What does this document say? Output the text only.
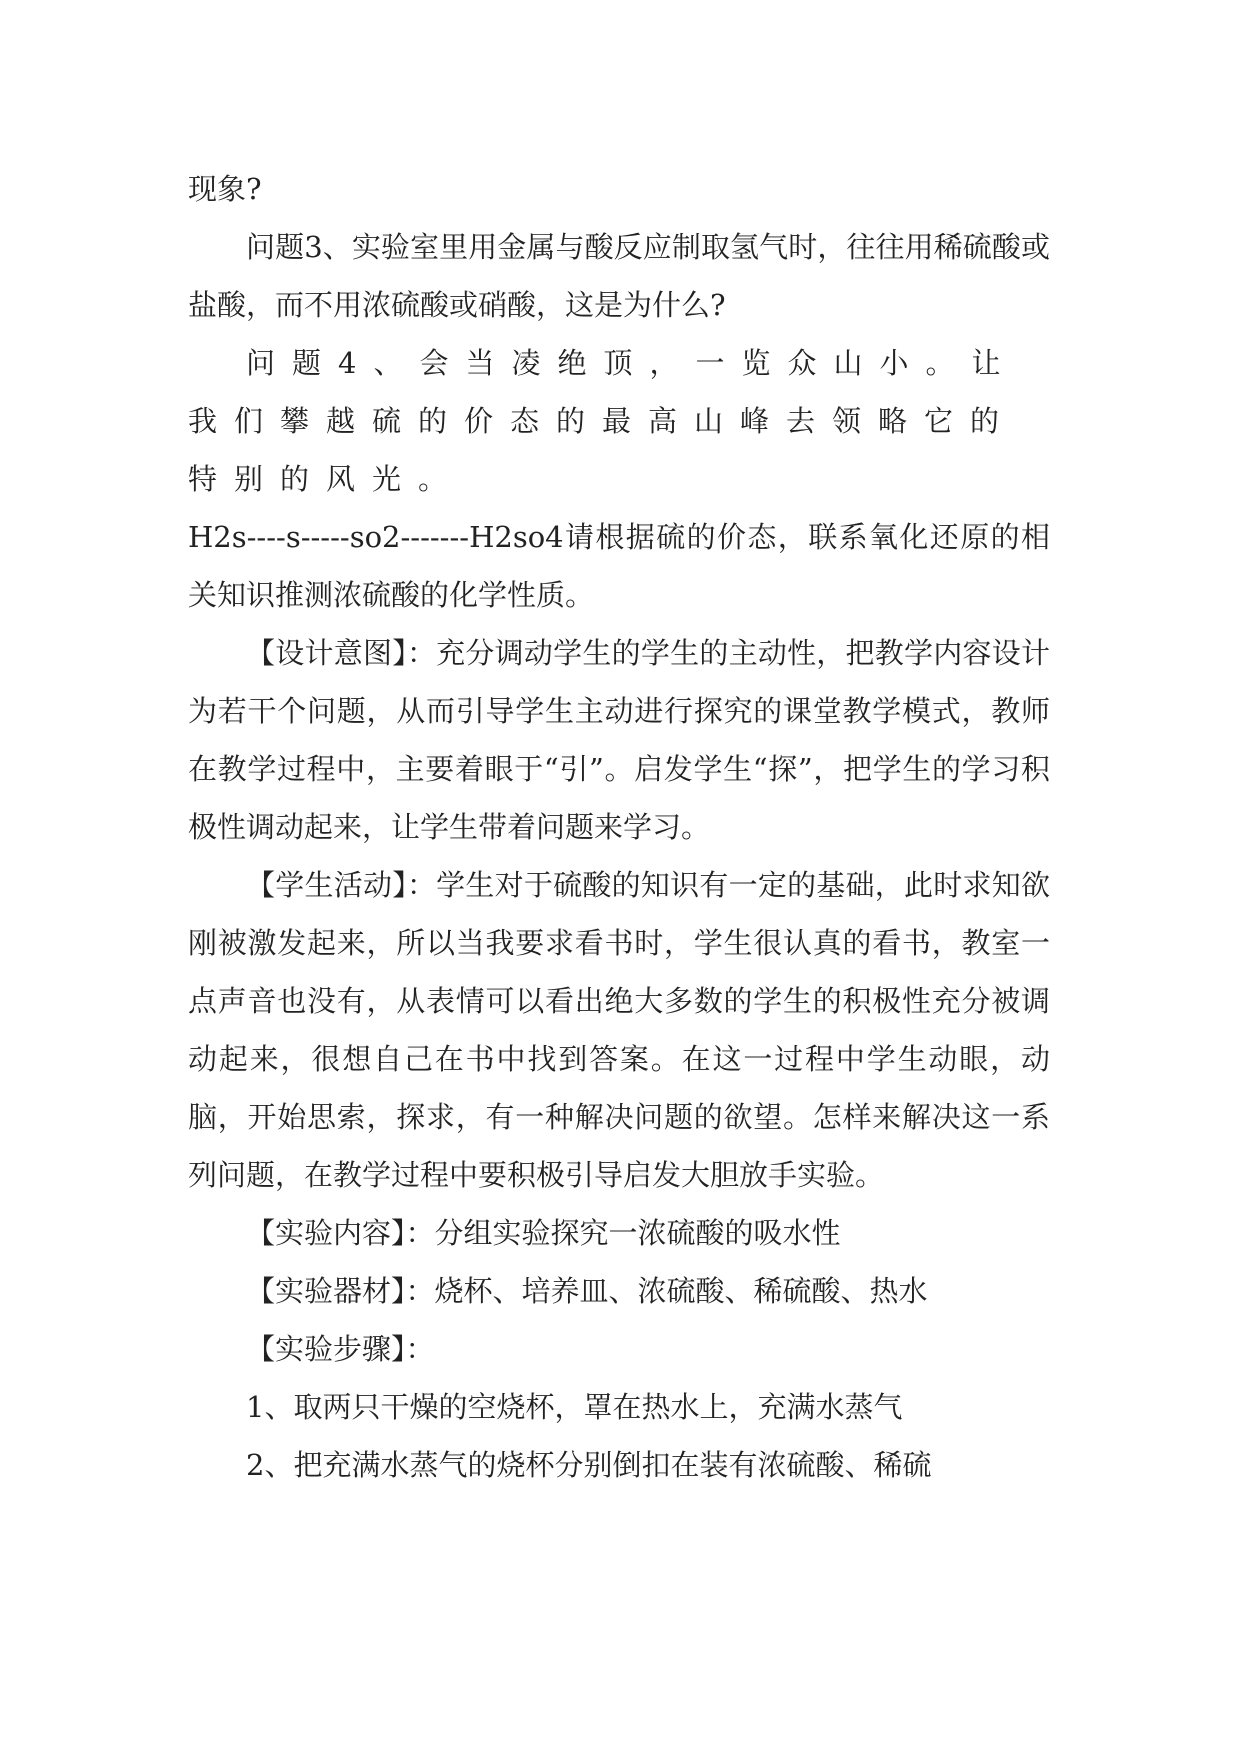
现象?

问题3、实验室里用金属与酸反应制取氢气时，往往用稀硫酸或盐酸，而不用浓硫酸或硝酸，这是为什么?

问题4、会当凌绝顶，一览众山小。让我们攀越硫的价态的最高山峰去领略它的特别的风光。

H2s----s-----so2-------H2so4请根据硫的价态，联系氧化还原的相关知识推测浓硫酸的化学性质。

【设计意图】：充分调动学生的学生的主动性，把教学内容设计为若干个问题，从而引导学生主动进行探究的课堂教学模式，教师在教学过程中，主要着眼于“引”。启发学生“探”，把学生的学习积极性调动起来，让学生带着问题来学习。

【学生活动】：学生对于硫酸的知识有一定的基础，此时求知欲刚被激发起来，所以当我要求看书时，学生很认真的看书，教室一点声音也没有，从表情可以看出绝大多数的学生的积极性充分被调动起来，很想自己在书中找到答案。在这一过程中学生动眼，动脑，开始思索，探求，有一种解决问题的欲望。怎样来解决这一系列问题，在教学过程中要积极引导启发大胆放手实验。

【实验内容】：分组实验探究一浓硫酸的吸水性

【实验器材】：烧杯、培养皿、浓硫酸、稀硫酸、热水

【实验步骤】：

1、取两只干燥的空烧杯，罩在热水上，充满水蒸气

2、把充满水蒸气的烧杯分别倒扣在装有浓硫酸、稀硫
